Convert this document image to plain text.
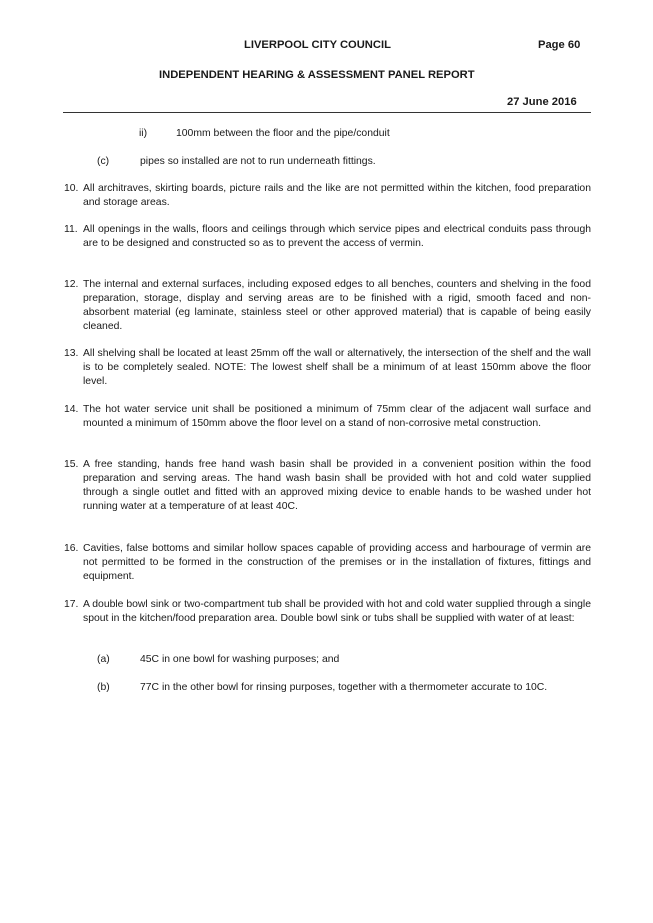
LIVERPOOL CITY COUNCIL	Page 60
INDEPENDENT HEARING & ASSESSMENT PANEL REPORT
27 June 2016
ii)	100mm between the floor and the pipe/conduit
(c)	pipes so installed are not to run underneath fittings.
10. All architraves, skirting boards, picture rails and the like are not permitted within the kitchen, food preparation and storage areas.
11. All openings in the walls, floors and ceilings through which service pipes and electrical conduits pass through are to be designed and constructed so as to prevent the access of vermin.
12. The internal and external surfaces, including exposed edges to all benches, counters and shelving in the food preparation, storage, display and serving areas are to be finished with a rigid, smooth faced and non-absorbent material (eg laminate, stainless steel or other approved material) that is capable of being easily cleaned.
13. All shelving shall be located at least 25mm off the wall or alternatively, the intersection of the shelf and the wall is to be completely sealed. NOTE: The lowest shelf shall be a minimum of at least 150mm above the floor level.
14. The hot water service unit shall be positioned a minimum of 75mm clear of the adjacent wall surface and mounted a minimum of 150mm above the floor level on a stand of non-corrosive metal construction.
15. A free standing, hands free hand wash basin shall be provided in a convenient position within the food preparation and serving areas. The hand wash basin shall be provided with hot and cold water supplied through a single outlet and fitted with an approved mixing device to enable hands to be washed under hot running water at a temperature of at least 40C.
16. Cavities, false bottoms and similar hollow spaces capable of providing access and harbourage of vermin are not permitted to be formed in the construction of the premises or in the installation of fixtures, fittings and equipment.
17. A double bowl sink or two-compartment tub shall be provided with hot and cold water supplied through a single spout in the kitchen/food preparation area. Double bowl sink or tubs shall be supplied with water of at least:
(a)	45C in one bowl for washing purposes; and
(b)	77C in the other bowl for rinsing purposes, together with a thermometer accurate to 10C.
